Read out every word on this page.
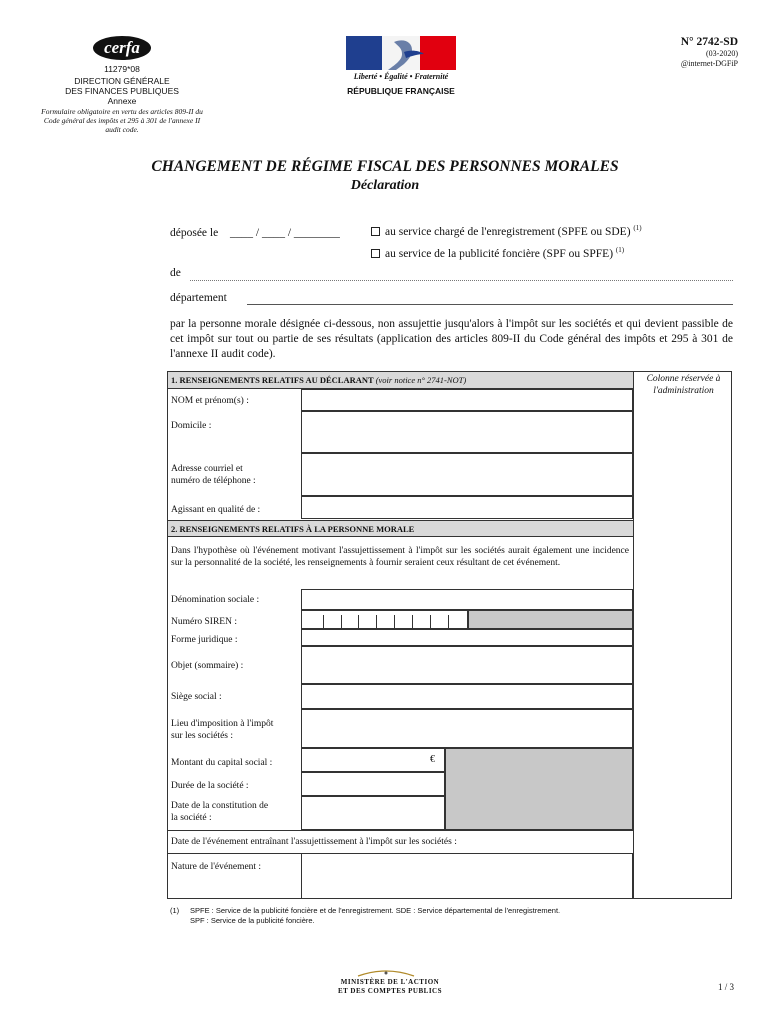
cerfa
11279*08
DIRECTION GÉNÉRALE
DES FINANCES PUBLIQUES
Annexe
Formulaire obligatoire en vertu des articles 809-II du
Code général des impôts et 295 à 301 de l'annexe II
audit code.
Liberté • Égalité • Fraternité
RÉPUBLIQUE FRANÇAISE
N° 2742-SD
(03-2020)
@internet-DGFiP
CHANGEMENT DE RÉGIME FISCAL DES PERSONNES MORALES
Déclaration
déposée le ____ / ____ / ________	au service chargé de l'enregistrement (SPFE ou SDE) $^{(1)}$
au service de la publicité foncière (SPF ou SPFE) $^{(1)}$
de
département
par la personne morale désignée ci-dessous, non assujettie jusqu'alors à l'impôt sur les sociétés et qui devient passible de cet impôt sur tout ou partie de ses résultats (application des articles 809-II du Code général des impôts et 295 à 301 de l'annexe II audit code).
Colonne réservée à l'administration
1. RENSEIGNEMENTS RELATIFS AU DÉCLARANT (voir notice n° 2741-NOT)
NOM et prénom(s) :
Domicile :
Adresse courriel et
numéro de téléphone :
Agissant en qualité de :
2. RENSEIGNEMENTS RELATIFS À LA PERSONNE MORALE
Dans l'hypothèse où l'événement motivant l'assujettissement à l'impôt sur les sociétés aurait également une incidence sur la personnalité de la société, les renseignements à fournir seraient ceux résultant de cet événement.
Dénomination sociale :
Numéro SIREN :
Forme juridique :
Objet (sommaire) :
Siège social :
Lieu d'imposition à l'impôt
sur les sociétés :
Montant du capital social :	€
Durée de la société :
Date de la constitution de
la société :
Date de l'événement entraînant l'assujettissement à l'impôt sur les sociétés :
Nature de l'événement :
(1) SPFE : Service de la publicité foncière et de l'enregistrement. SDE : Service départemental de l'enregistrement.
SPF : Service de la publicité foncière.
MINISTÈRE DE L'ACTION
ET DES COMPTES PUBLICS	1 / 3
